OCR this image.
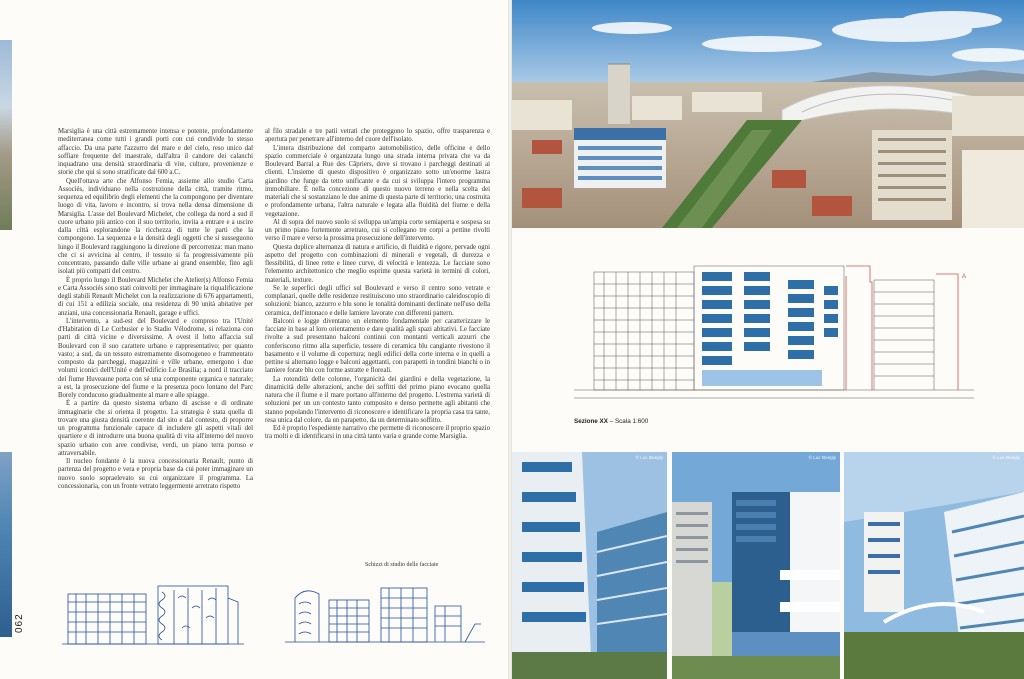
Marsiglia è una città estremamente intensa e potente, profondamente mediterranea come tutti i grandi porti con cui condivide lo stesso affaccio. Da una parte l'azzurro del mare e del cielo, reso unico dal soffiare frequente del maestrale, dall'altra il candore dei calanchi inquadrano una densità straordinaria di vite, culture, provenienze e storie che qui si sono stratificate dal 600 a.C.

Quell'ottava arte che Alfonso Femia, assieme allo studio Carta Associés, individuano nella costruzione della città, tramite ritmo, sequenza ed equilibrio degli elementi che la compongono per diventare luogo di vita, lavoro e incontro, si trova nella densa dimensione di Marsiglia. L'asse del Boulevard Michelet, che collega da nord a sud il cuore urbano più antico con il suo territorio, invita a entrare e a uscire dalla città esplorandone la ricchezza di tutte le parti che la compongono. La sequenza e la densità degli oggetti che si susseguono lungo il Boulevard raggiungono la direzione di percorrenza: man mano che ci si avvicina al centro, il tessuto si fa progressivamente più concentrato, passando dalle ville urbane ai grand ensemble, fino agli isolati più compatti del centro.

È proprio lungo il Boulevard Michelet che Atelier(s) Alfonso Femia e Carta Associés sono stati coinvolti per immaginare la riqualificazione degli stabili Renault Michelet con la realizzazione di 676 appartamenti, di cui 151 a edilizia sociale, una residenza di 90 unità abitative per anziani, una concessionaria Renault, garage e uffici.

L'intervento, a sud-est del Boulevard e compreso tra l'Unité d'Habitation di Le Corbusier e lo Stadio Vélodrome, si relaziona con parti di città vicine e diversissime. A ovest il lotto affaccia sul Boulevard con il suo carattere urbano e rappresentativo; per quanto vasto; a sud, da un tessuto estremamente disomogeneo e frammentato composto da parcheggi, magazzini e ville urbane, emergono i due volumi iconici dell'Unité e dell'edificio Le Brasilia; a nord il tracciato del fiume Huveaune porta con sé una componente organica e naturale; a est, la prosecuzione del fiume e la presenza poco lontano del Parc Borely conducono gradualmente al mare e alle spiagge.

È a partire da questo sistema urbano di ascisse e di ordinate immaginarie che si orienta il progetto. La strategia è stata quella di trovare una giusta densità coerente dal sito e dal contesto, di proporre un programma funzionale capace di includere gli aspetti vitali del quartiere e di introdurre una buona qualità di vita all'interno del nuovo spazio urbano con aree condivise, verdi, un piano terra poroso e attraversabile.

Il nucleo fondante è la nuova concessionaria Renault, punto di partenza del progetto e vera e propria base da cui poter immaginare un nuovo suolo sopraelevato su cui organizzare il programma. La concessionaria, con un fronte vetrato leggermente arretrato rispetto

al filo stradale e tre patii vetrati che proteggono lo spazio, offre trasparenza e apertura per penetrare all'interno del cuore dell'isolato.

L'intera distribuzione del comparto automobilistico, delle officine e dello spazio commerciale è organizzata lungo una strada interna privata che va da Boulevard Barral a Rue des Câpriers, dove si trovano i parcheggi destinati ai clienti. L'insieme di questo dispositivo è organizzato sotto un'enorme lastra giardino che funge da tetto unificante e da cui si sviluppa l'intero programma immobiliare. È nella concezione di questo nuovo terreno e nella scelta dei materiali che si sostanziano le due anime di questa parte di territorio, una costruita e profondamente urbana, l'altra naturale e legata alla fluidità del fiume e della vegetazione.

Al di sopra del nuovo suolo si sviluppa un'ampia corte semiaperta e sospesa su un primo piano fortemente arretrato, cui si collegano tre corpi a pettine rivolti verso il mare e verso la prossima prosecuzione dell'intervento.

Questa duplice alternanza di natura e artificio, di fluidità e rigore, pervade ogni aspetto del progetto con combinazioni di minerali e vegetali, di durezza e flessibilità, di linee rette e linee curve, di velocità e lentezza. Le facciate sono l'elemento architettonico che meglio esprime questa varietà in termini di colori, materiali, texture.

Se le superfici degli uffici sul Boulevard e verso il centro sono vetrate e complanari, quelle delle residenze restituiscono uno straordinario caleidoscopio di soluzioni: bianco, azzurro e blu sono le tonalità dominanti declinate nell'uso della ceramica, dell'intonaco e delle lamiere lavorate con differenti pattern.

Balconi e logge diventano un elemento fondamentale per caratterizzare le facciate in base al loro orientamento e dare qualità agli spazi abitativi. Le facciate rivolte a sud presentano balconi continui con montanti verticali azzurri che conferiscono ritmo alla superficie, tessere di ceramica blu cangiante rivestono il basamento e il volume di copertura; negli edifici della corte interna e in quelli a pettine si alternano logge e balconi aggettanti, con parapetti in tondini bianchi o in lamiere forate blu con forme astratte e floreali.

La rotondità delle colonne, l'organicità dei giardini e della vegetazione, la dinamicità delle alterazioni, anche dei soffitti del primo piano evocano quella natura che il fiume e il mare portano all'interno del progetto. L'estrema varietà di soluzioni per un un contesto tanto composito e denso permette agli abitanti che stanno popolando l'intervento di riconoscere e identificare la propria casa tra tante, resa unica dal colore, da un parapetto, da un determinato soffitto.

Ed è proprio l'espediente narrativo che permette di riconoscere il proprio spazio tra molti e di identificarsi in una città tanto varia e grande come Marsiglia.

Schizzi di studio delle facciate
062
A
Sezione XX – Scala 1:600
© Luc Boegly	© Luc Boegly	© Luc Boegly
